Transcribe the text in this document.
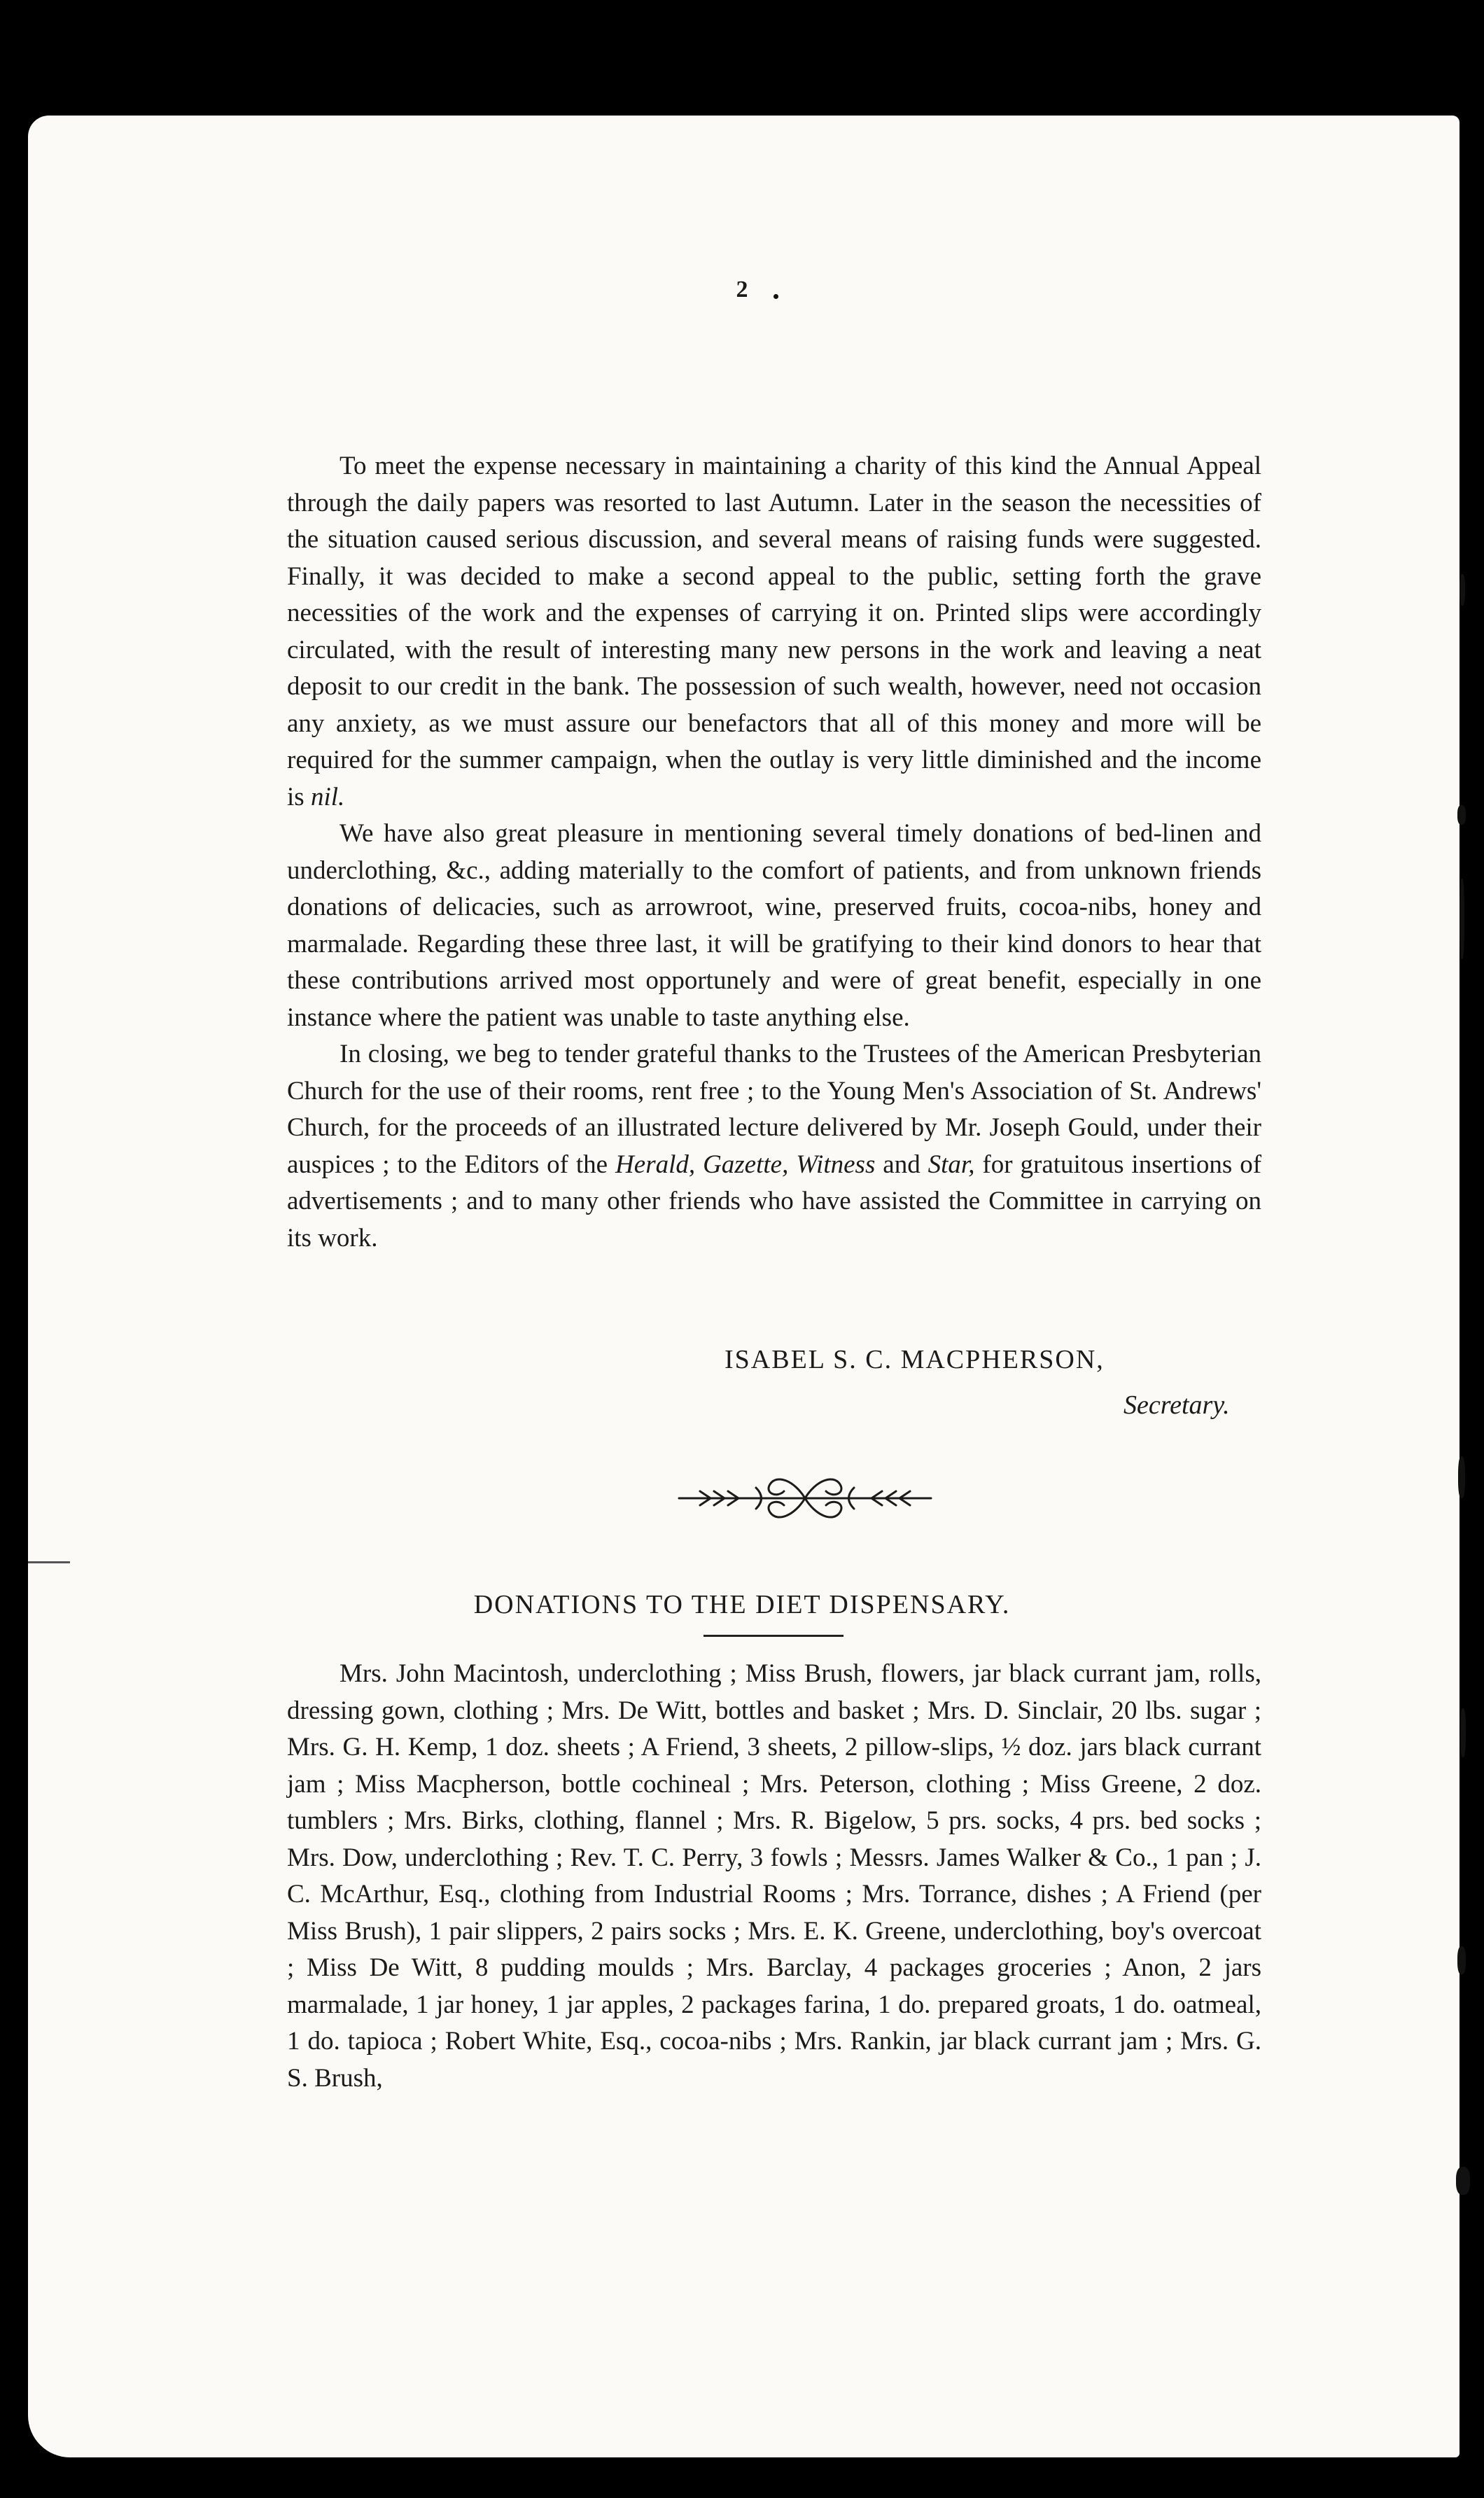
2

To meet the expense necessary in maintaining a charity of this kind the Annual Appeal through the daily papers was resorted to last Autumn. Later in the season the necessities of the situation caused serious discussion, and several means of raising funds were suggested. Finally, it was decided to make a second appeal to the public, setting forth the grave necessities of the work and the expenses of carrying it on. Printed slips were accordingly circulated, with the result of interesting many new persons in the work and leaving a neat deposit to our credit in the bank. The possession of such wealth, however, need not occasion any anxiety, as we must assure our benefactors that all of this money and more will be required for the summer campaign, when the outlay is very little diminished and the income is nil.

We have also great pleasure in mentioning several timely donations of bed-linen and underclothing, &c., adding materially to the comfort of patients, and from unknown friends donations of delicacies, such as arrowroot, wine, preserved fruits, cocoa-nibs, honey and marmalade. Regarding these three last, it will be gratifying to their kind donors to hear that these contributions arrived most opportunely and were of great benefit, especially in one instance where the patient was unable to taste anything else.

In closing, we beg to tender grateful thanks to the Trustees of the American Presbyterian Church for the use of their rooms, rent free ; to the Young Men's Association of St. Andrews' Church, for the proceeds of an illustrated lecture delivered by Mr. Joseph Gould, under their auspices ; to the Editors of the Herald, Gazette, Witness and Star, for gratuitous insertions of advertisements ; and to many other friends who have assisted the Committee in carrying on its work.

ISABEL S. C. MACPHERSON,
Secretary.
DONATIONS TO THE DIET DISPENSARY.

Mrs. John Macintosh, underclothing ; Miss Brush, flowers, jar black currant jam, rolls, dressing gown, clothing ; Mrs. De Witt, bottles and basket ; Mrs. D. Sinclair, 20 lbs. sugar ; Mrs. G. H. Kemp, 1 doz. sheets ; A Friend, 3 sheets, 2 pillow-slips, ½ doz. jars black currant jam ; Miss Macpherson, bottle cochineal ; Mrs. Peterson, clothing ; Miss Greene, 2 doz. tumblers ; Mrs. Birks, clothing, flannel ; Mrs. R. Bigelow, 5 prs. socks, 4 prs. bed socks ; Mrs. Dow, underclothing ; Rev. T. C. Perry, 3 fowls ; Messrs. James Walker & Co., 1 pan ; J. C. McArthur, Esq., clothing from Industrial Rooms ; Mrs. Torrance, dishes ; A Friend (per Miss Brush), 1 pair slippers, 2 pairs socks ; Mrs. E. K. Greene, underclothing, boy's overcoat ; Miss De Witt, 8 pudding moulds ; Mrs. Barclay, 4 packages groceries ; Anon, 2 jars marmalade, 1 jar honey, 1 jar apples, 2 packages farina, 1 do. prepared groats, 1 do. oatmeal, 1 do. tapioca ; Robert White, Esq., cocoa-nibs ; Mrs. Rankin, jar black currant jam ; Mrs. G. S. Brush,
